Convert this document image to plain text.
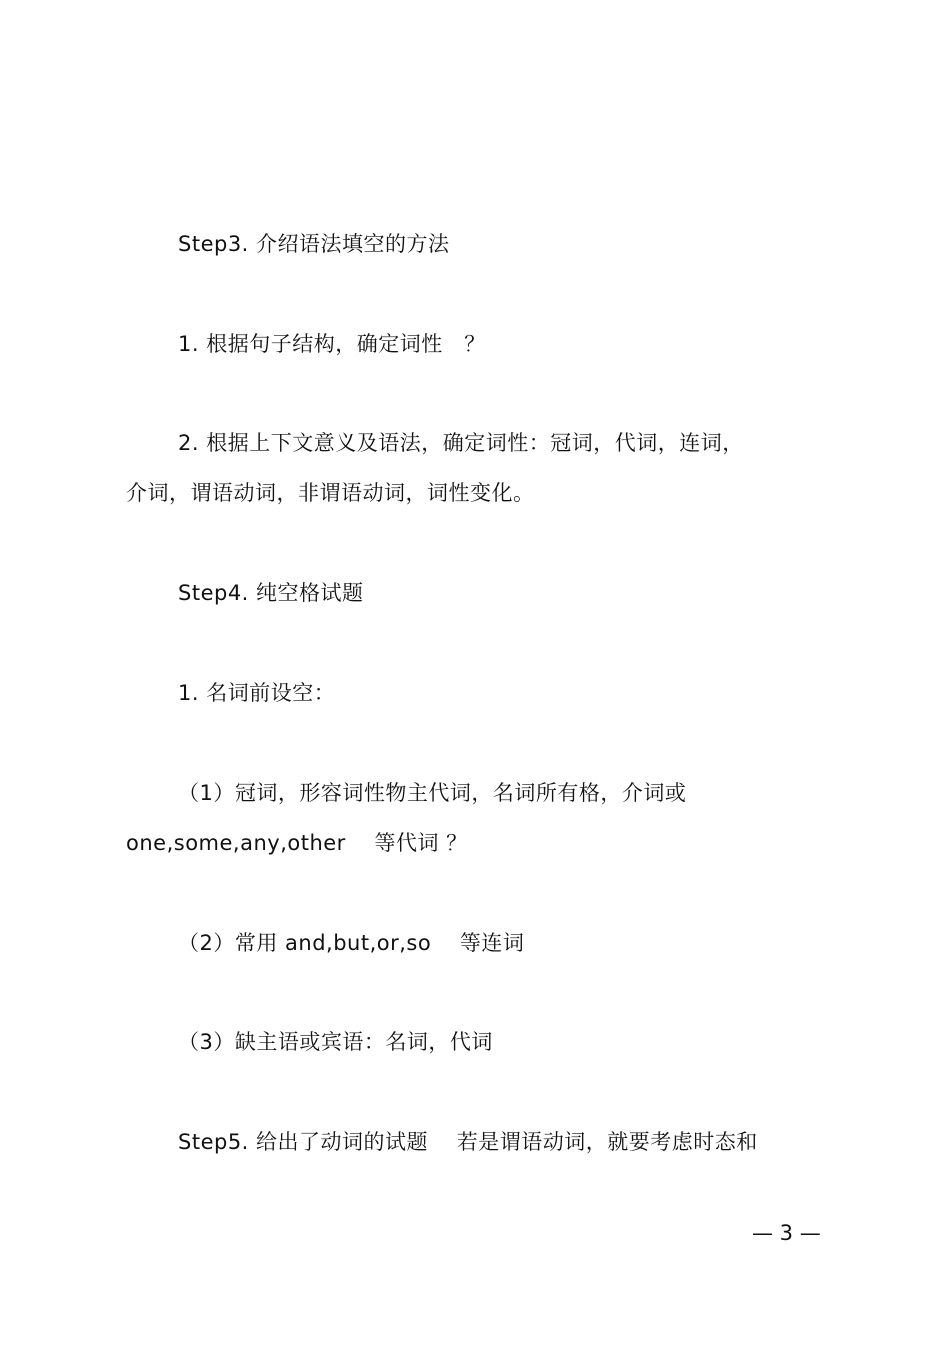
Step3. 介绍语法填空的方法
1. 根据句子结构，确定词性　？
2. 根据上下文意义及语法，确定词性：冠词，代词，连词，
介词，谓语动词，非谓语动词，词性变化。
Step4. 纯空格试题
1. 名词前设空：
（1）冠词，形容词性物主代词，名词所有格，介词或
one,some,any,other　 等代词 ？
（2）常用 and,but,or,so　 等连词
（3）缺主语或宾语：名词，代词
Step5. 给出了动词的试题　 若是谓语动词，就要考虑时态和
— 3 —
